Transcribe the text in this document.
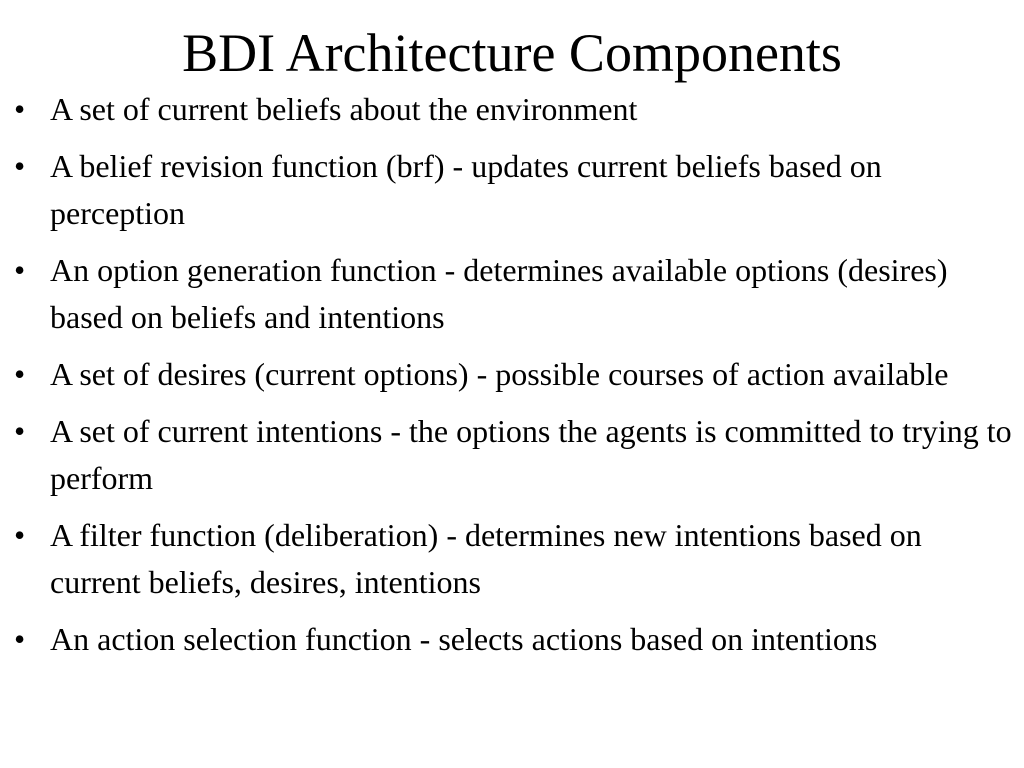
BDI Architecture Components
• A set of current beliefs about the environment
• A belief revision function (brf) - updates current beliefs based on perception
• An option generation function - determines available options (desires) based on beliefs and intentions
• A set of desires (current options) - possible courses of action available
• A set of current intentions - the options the agents is committed to trying to perform
• A filter function (deliberation) - determines new intentions based on current beliefs, desires, intentions
• An action selection function - selects actions based on intentions
